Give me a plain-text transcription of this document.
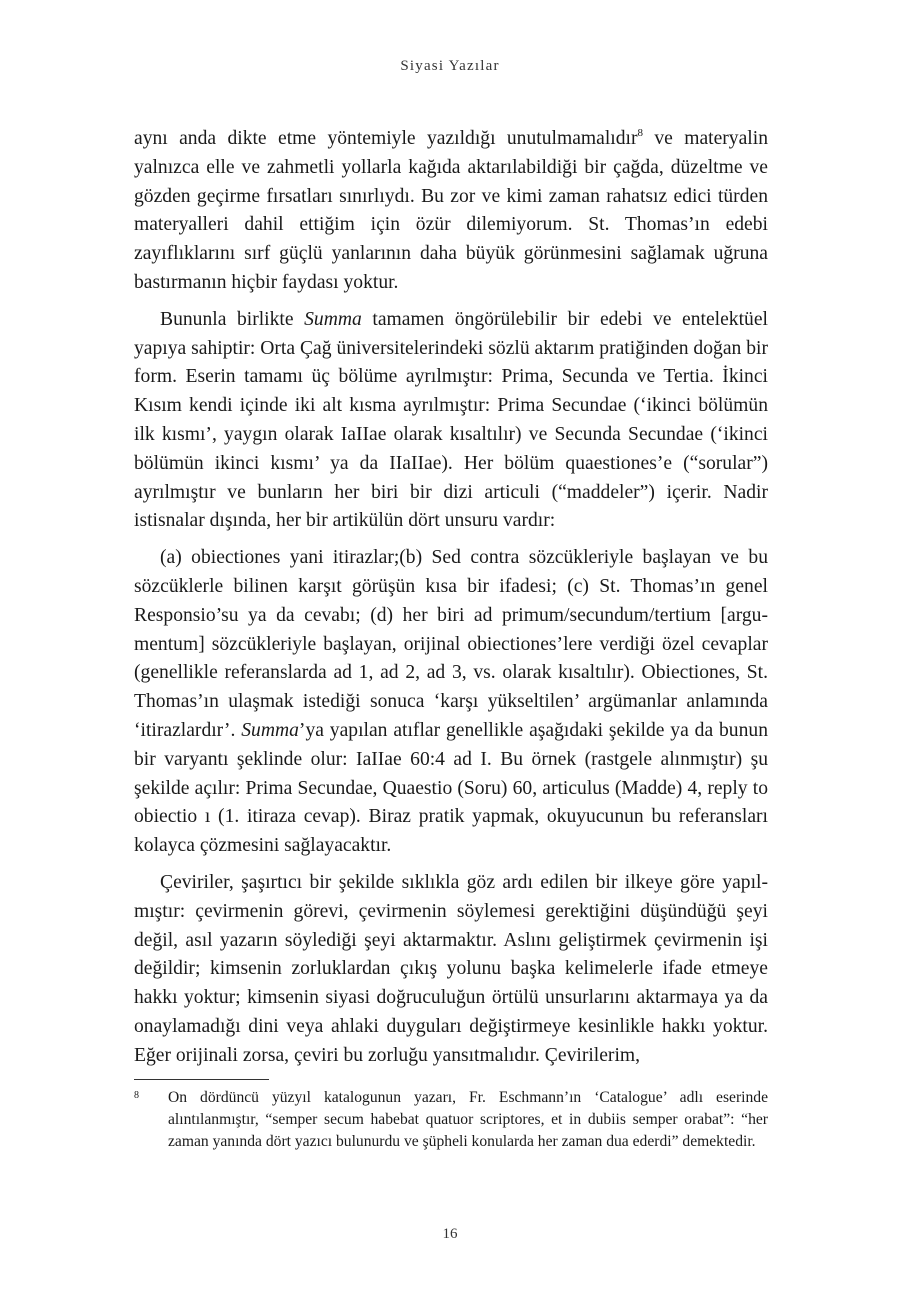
Siyasi Yazılar

aynı anda dikte etme yöntemiyle yazıldığı unutulmamalıdır$^8$ ve materyalin yalnızca elle ve zahmetli yollarla kağıda aktarılabildiği bir çağda, düzeltme ve gözden geçirme fırsatları sınırlıydı. Bu zor ve kimi zaman rahatsız edici türden materyalleri dahil ettiğim için özür dilemiyorum. St. Thomas’ın edebi zayıflıklarını sırf güçlü yanlarının daha büyük görünmesini sağlamak uğruna bastırmanın hiçbir faydası yoktur.

Bununla birlikte Summa tamamen öngörülebilir bir edebi ve entelektüel yapıya sahiptir: Orta Çağ üniversitelerindeki sözlü aktarım pratiğinden doğan bir form. Eserin tamamı üç bölüme ayrılmıştır: Prima, Secunda ve Tertia. İkinci Kısım kendi içinde iki alt kısma ayrılmıştır: Prima Secundae (‘ikinci bölümün ilk kısmı’, yaygın olarak IaIIae olarak kısaltılır) ve Secunda Secundae (‘ikinci bölümün ikinci kısmı’ ya da IIaIIae). Her bölüm quaestiones’e (“sorular”) ayrılmıştır ve bunların her biri bir dizi articuli (“maddeler”) içerir. Nadir istisnalar dışında, her bir artikülün dört unsuru vardır:

(a) obiectiones yani itirazlar;(b) Sed contra sözcükleriyle başlayan ve bu sözcüklerle bilinen karşıt görüşün kısa bir ifadesi; (c) St. Thomas’ın genel Responsio’su ya da cevabı; (d) her biri ad primum/secundum/tertium [argumentum] sözcükleriyle başlayan, orijinal obiectiones’lere verdiği özel cevaplar (genellikle referanslarda ad 1, ad 2, ad 3, vs. olarak kısaltılır). Obiectiones, St. Thomas’ın ulaşmak istediği sonuca ‘karşı yükseltilen’ argümanlar anlamında ‘itirazlardır’. Summa’ya yapılan atıflar genellikle aşağıdaki şekilde ya da bunun bir varyantı şeklinde olur: IaIIae 60:4 ad I. Bu örnek (rastgele alınmıştır) şu şekilde açılır: Prima Secundae, Quaestio (Soru) 60, articulus (Madde) 4, reply to obiectio ı (1. itiraza cevap). Biraz pratik yapmak, okuyucunun bu referansları kolayca çözmesini sağlayacaktır.

Çeviriler, şaşırtıcı bir şekilde sıklıkla göz ardı edilen bir ilkeye göre yapılmıştır: çevirmenin görevi, çevirmenin söylemesi gerektiğini düşündüğü şeyi değil, asıl yazarın söylediği şeyi aktarmaktır. Aslını geliştirmek çevirmenin işi değildir; kimsenin zorluklardan çıkış yolunu başka kelimelerle ifade etmeye hakkı yoktur; kimsenin siyasi doğruculuğun örtülü unsurlarını aktarmaya ya da onaylamadığı dini veya ahlaki duyguları değiştirmeye kesinlikle hakkı yoktur. Eğer orijinali zorsa, çeviri bu zorluğu yansıtmalıdır. Çevirilerim,

8 On dördüncü yüzyıl katalogunun yazarı, Fr. Eschmann’ın ‘Catalogue’ adlı eserinde alıntılanmıştır, “semper secum habebat quatuor scriptores, et in dubiis semper orabat”: “her zaman yanında dört yazıcı bulunurdu ve şüpheli konularda her zaman dua ederdi” demektedir.
16
